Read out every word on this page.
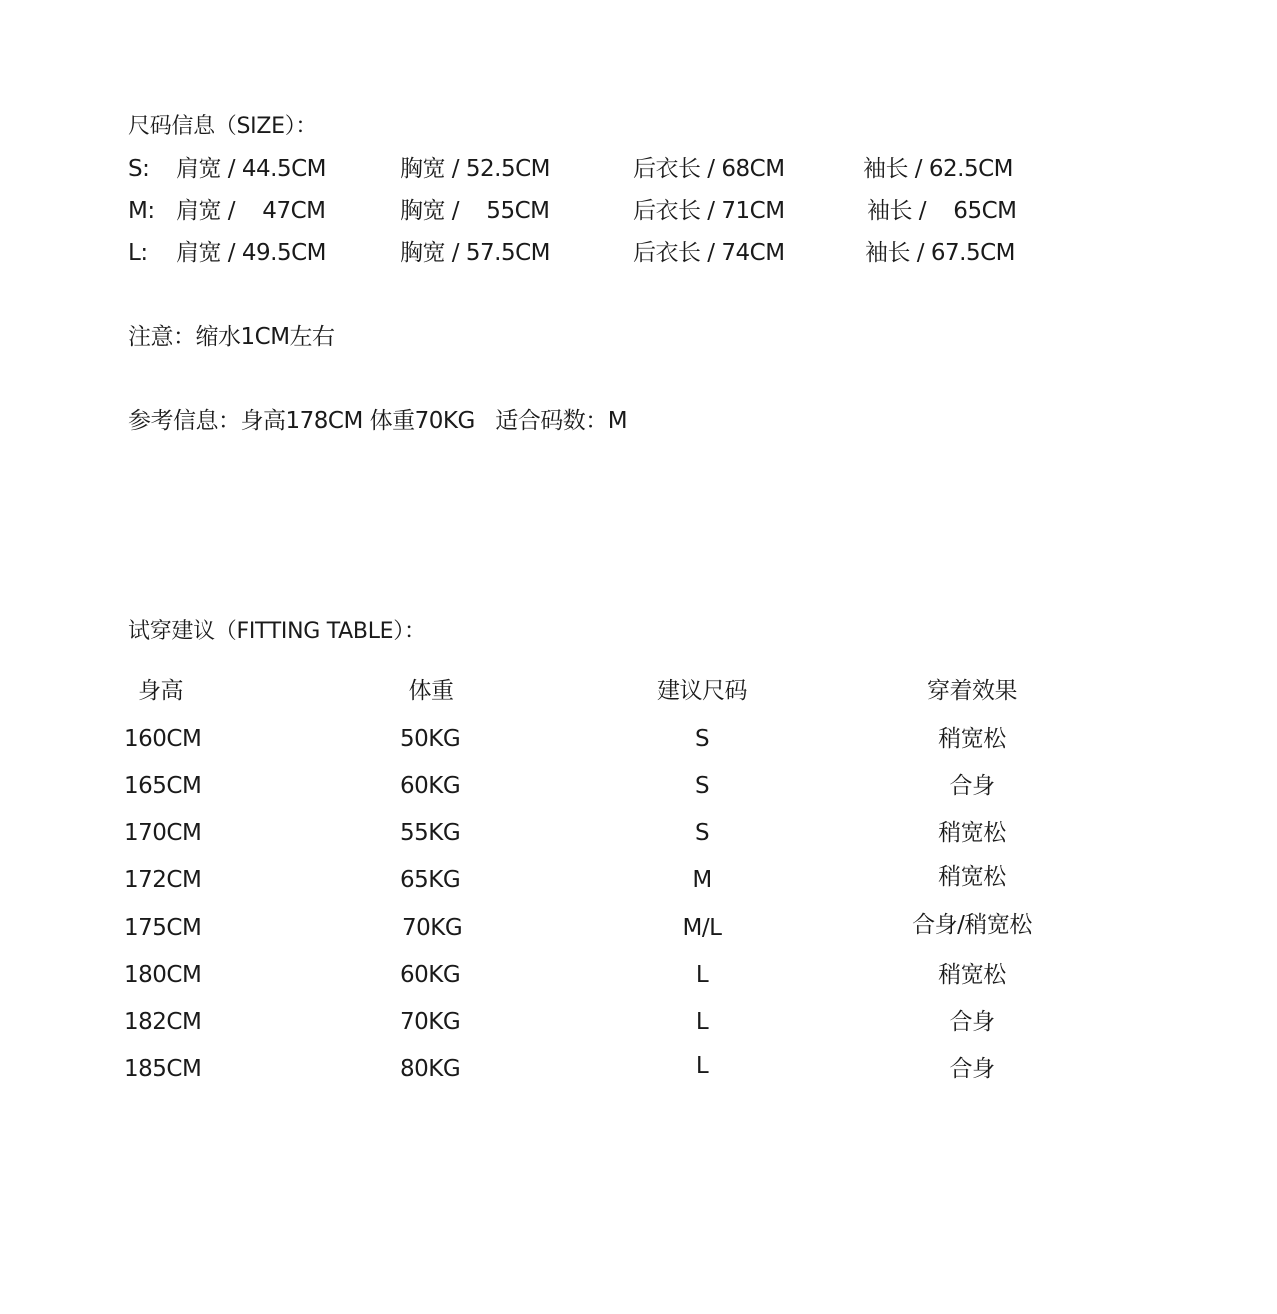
尺码信息（SIZE）：
S: 肩宽 / 44.5CM	胸宽 / 52.5CM	后衣长 / 68CM	袖长 / 62.5CM
M: 肩宽 /    47CM	胸宽 /    55CM	后衣长 / 71CM	袖长 /    65CM
L: 肩宽 / 49.5CM	胸宽 / 57.5CM	后衣长 / 74CM	袖长 / 67.5CM
注意：缩水1CM左右
参考信息：身高178CM 体重70KG   适合码数：M
试穿建议（FITTING TABLE）：
身高	体重	建议尺码	穿着效果
160CM	50KG	S	稍宽松
165CM	60KG	S	合身
170CM	55KG	S	稍宽松
172CM	65KG	M	稍宽松
175CM	70KG	M/L	合身/稍宽松
180CM	60KG	L	稍宽松
182CM	70KG	L	合身
185CM	80KG	L	合身
